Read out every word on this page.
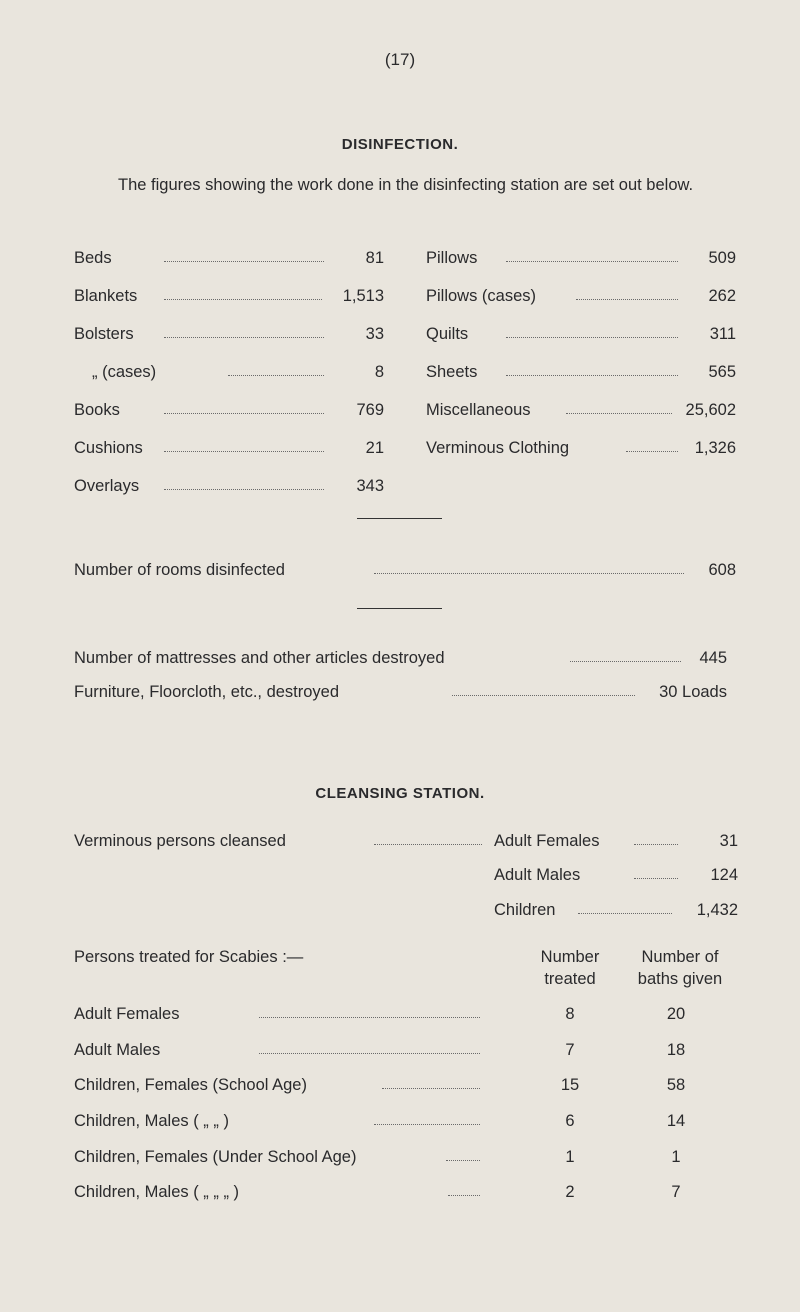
(17)
DISINFECTION.
The figures showing the work done in the disinfecting station are set out below.
Beds	81
Blankets	1,513
Bolsters	33
„ (cases)	8
Books	769
Cushions	21
Overlays	343
Pillows	509
Pillows (cases)	262
Quilts	311
Sheets	565
Miscellaneous	25,602
Verminous Clothing	1,326
Number of rooms disinfected	608
Number of mattresses and other articles destroyed	445
Furniture, Floorcloth, etc., destroyed	30 Loads
CLEANSING STATION.
Verminous persons cleansed	Adult Females	31
Adult Males	124
Children	1,432
Persons treated for Scabies :—	Number
treated
Number of
baths given
Adult Females	8	20
Adult Males	7	18
Children, Females (School Age)	15	58
Children, Males ( „ „ )	6	14
Children, Females (Under School Age)	1	1
Children, Males ( „ „ „ )	2	7
